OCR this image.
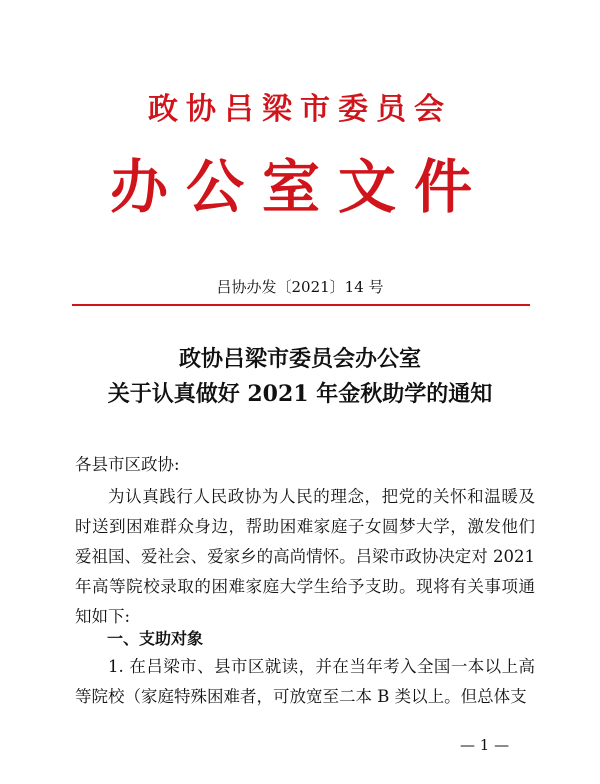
政协吕梁市委员会
办公室文件
吕协办发〔2021〕14 号
政协吕梁市委员会办公室
关于认真做好 2021 年金秋助学的通知
各县市区政协:
为认真践行人民政协为人民的理念，把党的关怀和温暖及时送到困难群众身边，帮助困难家庭子女圆梦大学，激发他们爱祖国、爱社会、爱家乡的高尚情怀。吕梁市政协决定对 2021 年高等院校录取的困难家庭大学生给予支助。现将有关事项通知如下:
一、支助对象
1. 在吕梁市、县市区就读，并在当年考入全国一本以上高等院校（家庭特殊困难者，可放宽至二本 B 类以上。但总体支
— 1 —
